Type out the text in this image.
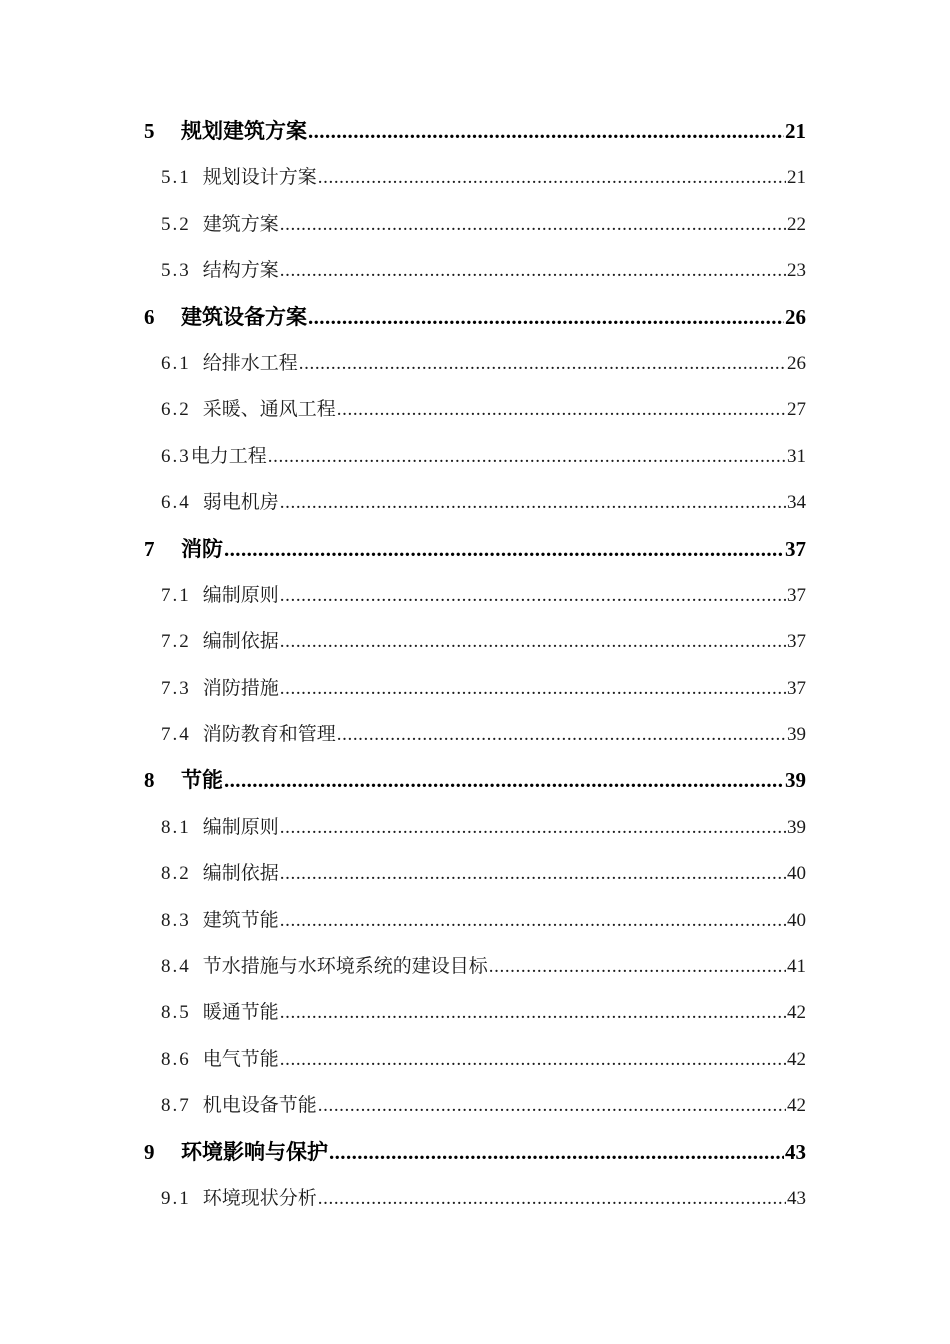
5	规划建筑方案 .....	21
5.1 规划设计方案 .....	21
5.2 建筑方案 .....	22
5.3 结构方案 .....	23
6	建筑设备方案 .....	26
6.1 给排水工程 .....	26
6.2 采暖、通风工程 .....	27
6.3 电力工程 .....	31
6.4 弱电机房 .....	34
7	消防 .....	37
7.1 编制原则 .....	37
7.2 编制依据 .....	37
7.3 消防措施 .....	37
7.4 消防教育和管理 .....	39
8	节能 .....	39
8.1 编制原则 .....	39
8.2 编制依据 .....	40
8.3 建筑节能 .....	40
8.4 节水措施与水环境系统的建设目标 .....	41
8.5 暖通节能 .....	42
8.6 电气节能 .....	42
8.7 机电设备节能 .....	42
9	环境影响与保护 .....	43
9.1 环境现状分析 .....	43
